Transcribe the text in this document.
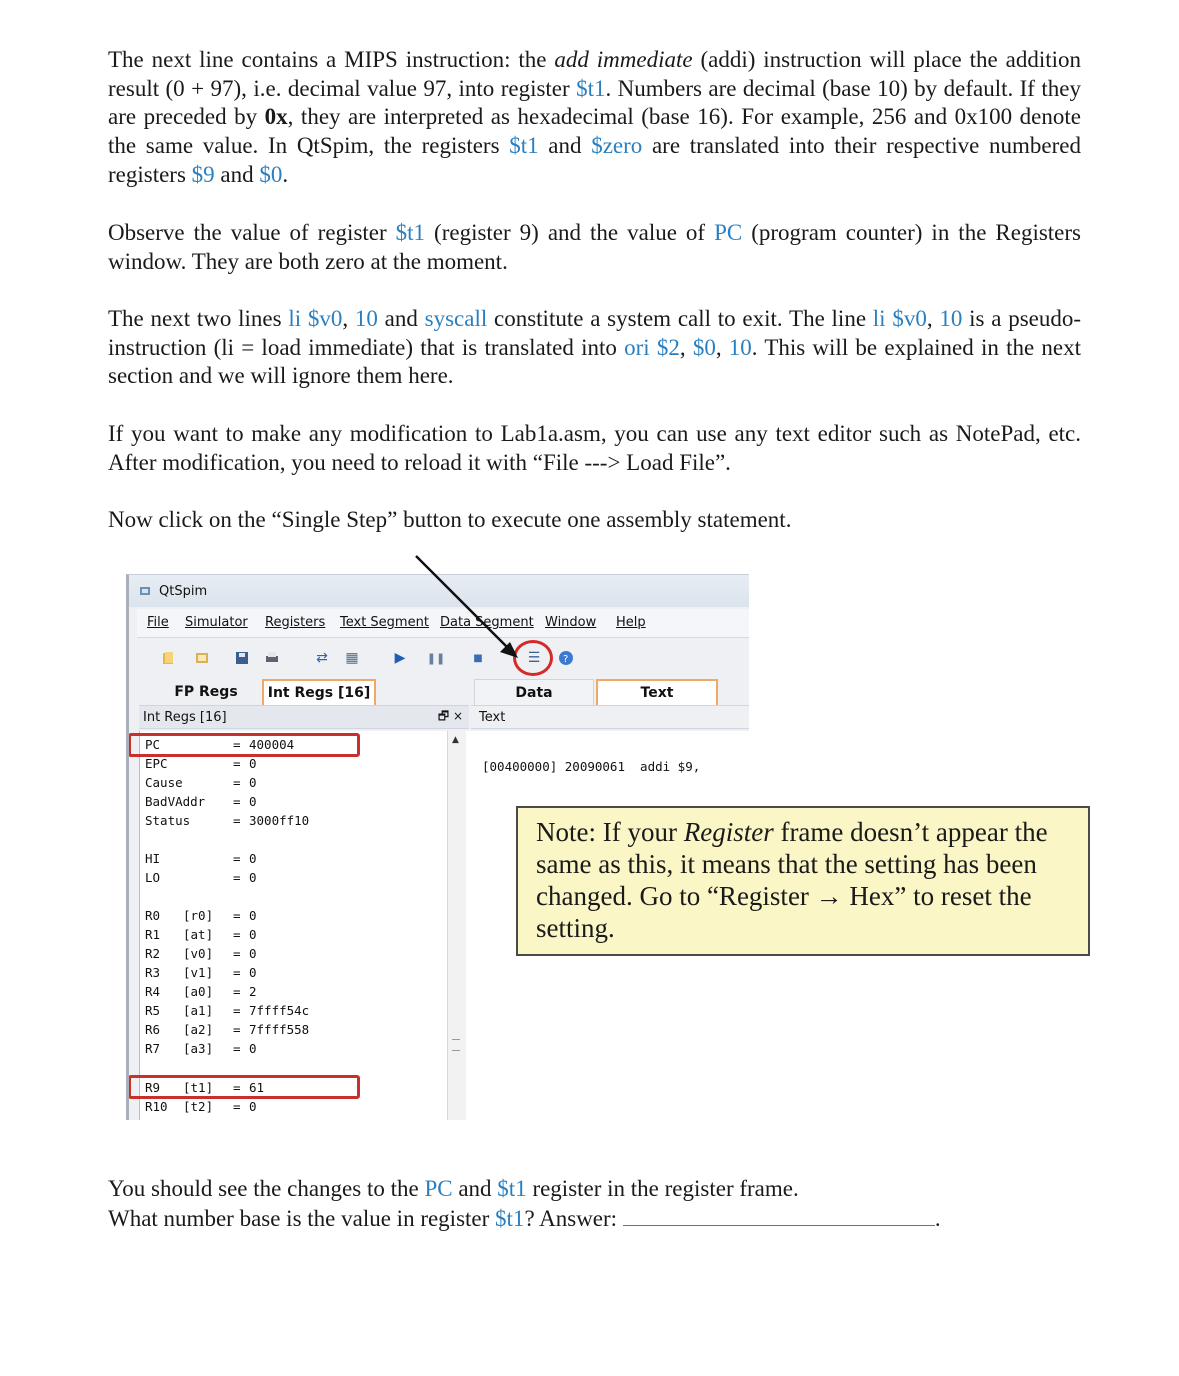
The next line contains a MIPS instruction: the add immediate (addi) instruction will place the addition result (0 + 97), i.e. decimal value 97, into register $t1. Numbers are decimal (base 10) by default. If they are preceded by 0x, they are interpreted as hexadecimal (base 16). For example, 256 and 0x100 denote the same value. In QtSpim, the registers $t1 and $zero are translated into their respective numbered registers $9 and $0.

Observe the value of register $t1 (register 9) and the value of PC (program counter) in the Registers window. They are both zero at the moment.

The next two lines li $v0, 10 and syscall constitute a system call to exit. The line li $v0, 10 is a pseudo-instruction (li = load immediate) that is translated into ori $2, $0, 10. This will be explained in the next section and we will ignore them here.

If you want to make any modification to Lab1a.asm, you can use any text editor such as NotePad, etc. After modification, you need to reload it with “File ---> Load File”.

Now click on the “Single Step” button to execute one assembly statement.

QtSpim
File Simulator Registers Text Segment Data Segment Window Help
⇄ ▦	▶	❚❚	■	☰ ?
FP Regs	Int Regs [16]	Data	Text
Int Regs [16]	🗗 × Text
PC	= 400004
EPC	= 0
Cause	= 0
BadVAddr = 0
Status	= 3000ff10
HI	= 0
LO	= 0
R0 [r0] = 0
R1 [at] = 0
R2 [v0] = 0
R3 [v1] = 0
R4 [a0] = 2
R5 [a1] = 7ffff54c
R6 [a2] = 7ffff558
R7 [a3] = 0
R9 [t1] = 61
R10 [t2] = 0
▲
[00400000] 20090061  addi $9,
Note: If your Register frame doesn’t appear the same as this, it means that the setting has been changed. Go to “Register → Hex” to reset the setting.

You should see the changes to the PC and $t1 register in the register frame.

What number base is the value in register $t1? Answer:	.
